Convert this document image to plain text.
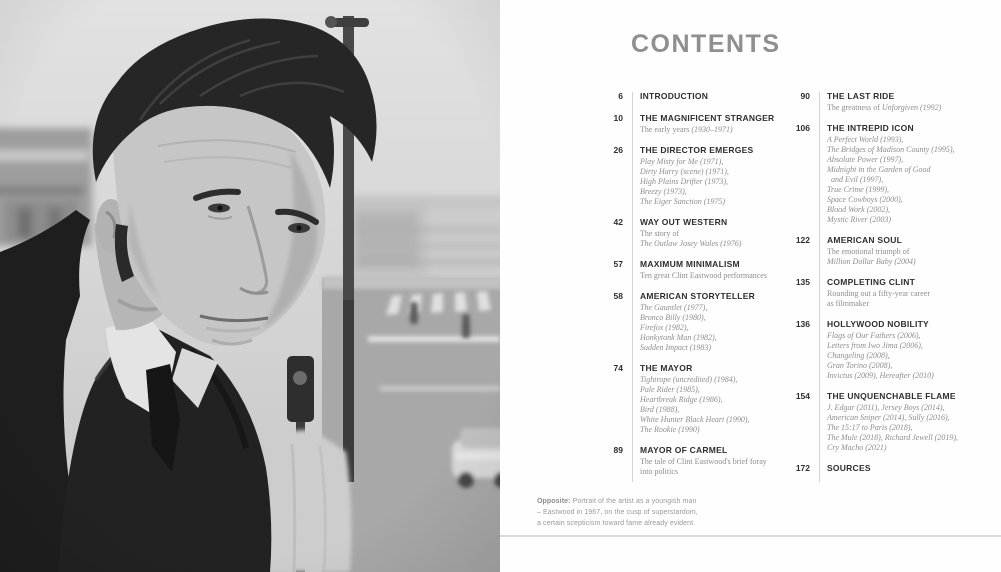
CONTENTS
6	INTRODUCTION
10	THE MAGNIFICENT STRANGER
The early years (1930–1971)
26	THE DIRECTOR EMERGES
Play Misty for Me (1971),
Dirty Harry (scene) (1971),
High Plains Drifter (1973),
Breezy (1973),
The Eiger Sanction (1975)
42	WAY OUT WESTERN
The story of
The Outlaw Josey Wales (1976)
57	MAXIMUM MINIMALISM
Ten great Clint Eastwood performances
58	AMERICAN STORYTELLER
The Gauntlet (1977),
Bronco Billy (1980),
Firefox (1982),
Honkytonk Man (1982),
Sudden Impact (1983)
74	THE MAYOR
Tightrope (uncredited) (1984),
Pale Rider (1985),
Heartbreak Ridge (1986),
Bird (1988),
White Hunter Black Heart (1990),
The Rookie (1990)
89	MAYOR OF CARMEL
The tale of Clint Eastwood's brief foray
into politics
90	THE LAST RIDE
The greatness of Unforgiven (1992)
106	THE INTREPID ICON
A Perfect World (1993),
The Bridges of Madison County (1995),
Absolute Power (1997),
Midnight in the Garden of Good
and Evil (1997),
True Crime (1999),
Space Cowboys (2000),
Blood Work (2002),
Mystic River (2003)
122	AMERICAN SOUL
The emotional triumph of
Million Dollar Baby (2004)
135	COMPLETING CLINT
Rounding out a fifty-year career
as filmmaker
136	HOLLYWOOD NOBILITY
Flags of Our Fathers (2006),
Letters from Iwo Jima (2006),
Changeling (2008),
Gran Torino (2008),
Invictus (2009), Hereafter (2010)
154	THE UNQUENCHABLE FLAME
J. Edgar (2011), Jersey Boys (2014),
American Sniper (2014), Sully (2016),
The 15:17 to Paris (2018),
The Mule (2018), Richard Jewell (2019),
Cry Macho (2021)
172	SOURCES
Opposite: Portrait of the artist as a youngish man
– Eastwood in 1967, on the cusp of superstardom,
a certain scepticism toward fame already evident.
